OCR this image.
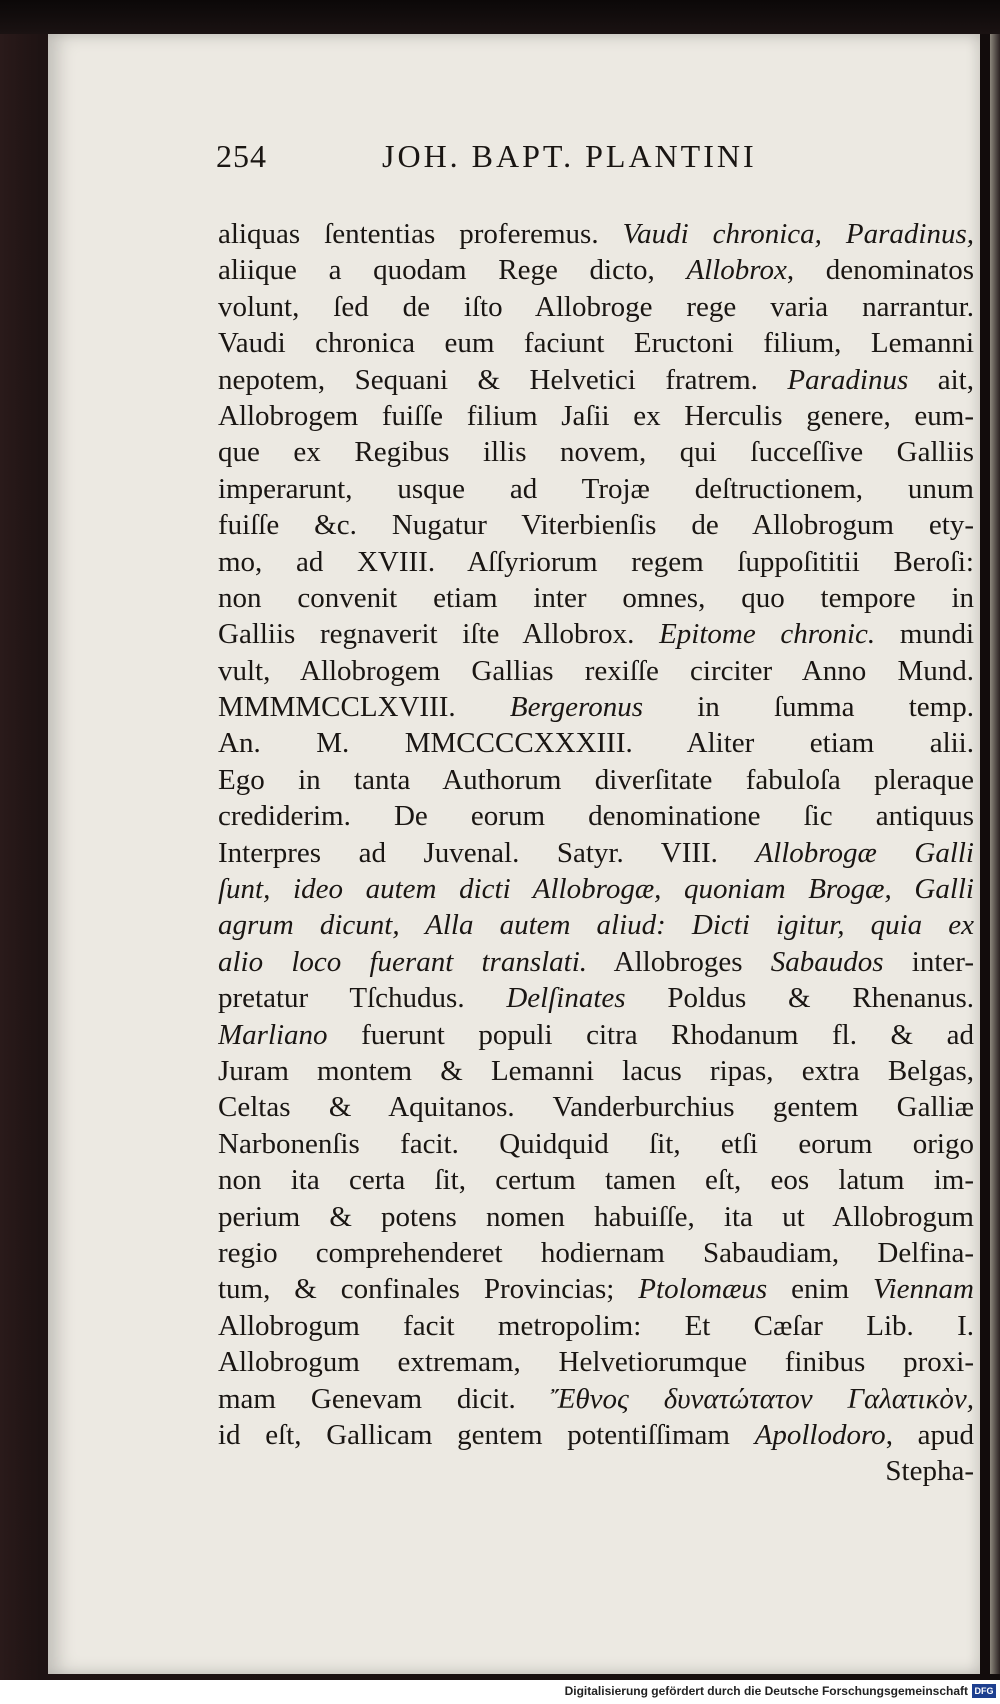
254	JOH. BAPT. PLANTINI
aliquas ſententias proferemus. Vaudi chronica, Paradinus,
aliique a quodam Rege dicto, Allobrox, denominatos
volunt, ſed de iſto Allobroge rege varia narrantur.
Vaudi chronica eum faciunt Eructoni filium, Lemanni
nepotem, Sequani & Helvetici fratrem. Paradinus ait,
Allobrogem fuiſſe filium Jaſii ex Herculis genere, eum-
que ex Regibus illis novem, qui ſucceſſive Galliis
imperarunt, usque ad Trojæ deſtructionem, unum
fuiſſe &c. Nugatur Viterbienſis de Allobrogum ety-
mo, ad XVIII. Aſſyriorum regem ſuppoſititii Beroſi:
non convenit etiam inter omnes, quo tempore in
Galliis regnaverit iſte Allobrox. Epitome chronic. mundi
vult, Allobrogem Gallias rexiſſe circiter Anno Mund.
MMMMCCLXVIII. Bergeronus in ſumma temp.
An. M. MMCCCCXXXIII. Aliter etiam alii.
Ego in tanta Authorum diverſitate fabuloſa pleraque
crediderim. De eorum denominatione ſic antiquus
Interpres ad Juvenal. Satyr. VIII. Allobrogæ Galli
ſunt, ideo autem dicti Allobrogæ, quoniam Brogæ, Galli
agrum dicunt, Alla autem aliud: Dicti igitur, quia ex
alio loco fuerant translati. Allobroges Sabaudos inter-
pretatur Tſchudus. Delſinates Poldus & Rhenanus.
Marliano fuerunt populi citra Rhodanum fl. & ad
Juram montem & Lemanni lacus ripas, extra Belgas,
Celtas & Aquitanos. Vanderburchius gentem Galliæ
Narbonenſis facit. Quidquid ſit, etſi eorum origo
non ita certa ſit, certum tamen eſt, eos latum im-
perium & potens nomen habuiſſe, ita ut Allobrogum
regio comprehenderet hodiernam Sabaudiam, Delfina-
tum, & confinales Provincias; Ptolomæus enim Viennam
Allobrogum facit metropolim: Et Cæſar Lib. I.
Allobrogum extremam, Helvetiorumque finibus proxi-
mam Genevam dicit. Ἔθνος δυνατώτατον Γαλατικὸν,
id eſt, Gallicam gentem potentiſſimam Apollodoro, apud
Stepha-
Digitalisierung gefördert durch die Deutsche Forschungsgemeinschaft DFG
